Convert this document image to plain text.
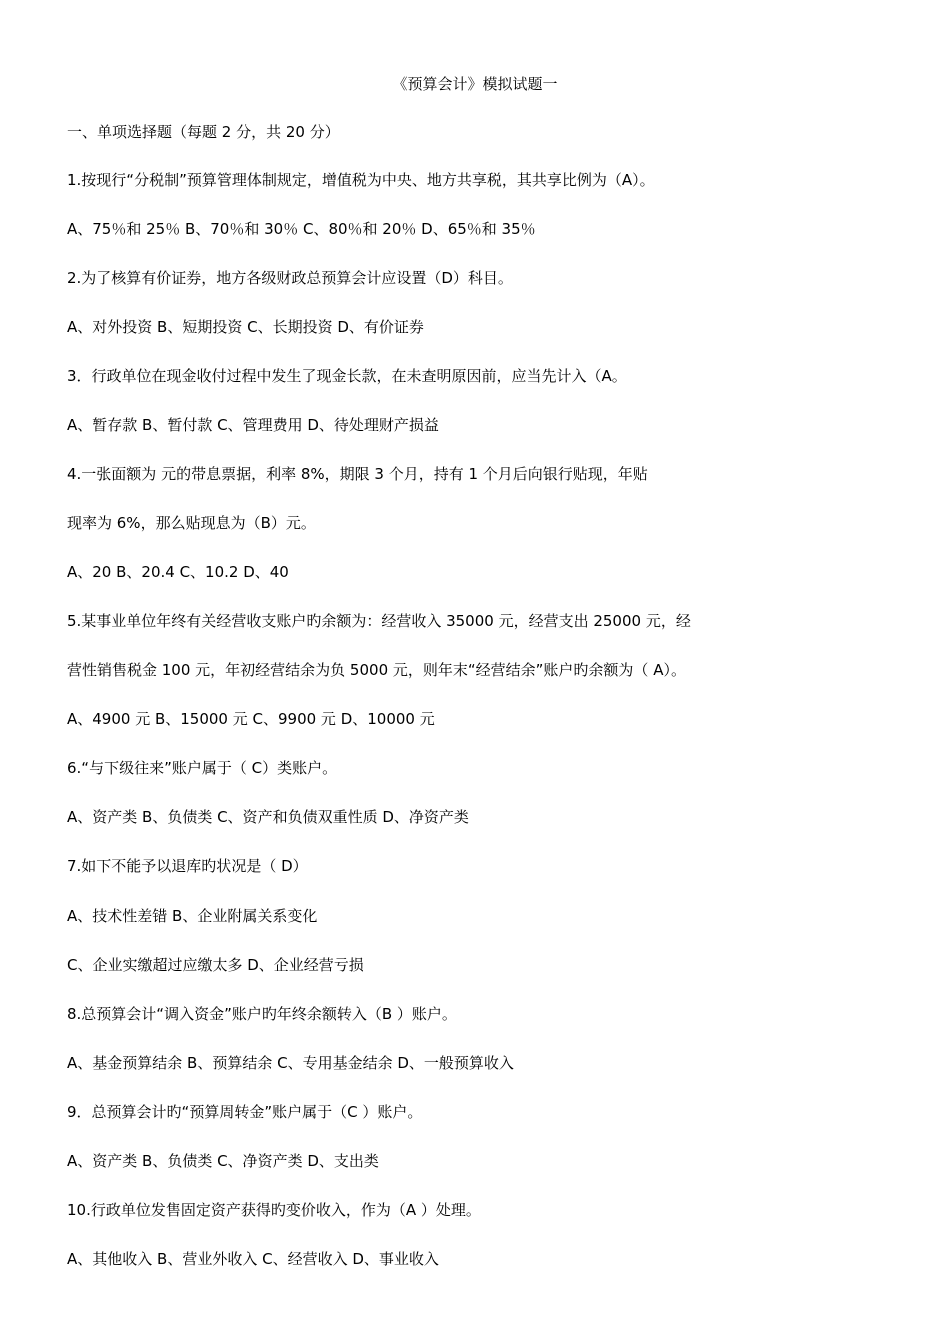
《预算会计》模拟试题一
一、单项选择题（每题 2 分，共 20 分）
1.按现行“分税制”预算管理体制规定，增值税为中央、地方共享税，其共享比例为（A）。
A、75％和 25％ B、70％和 30％ C、80％和 20％ D、65％和 35％
2.为了核算有价证券，地方各级财政总预算会计应设置（D）科目。
A、对外投资 B、短期投资 C、长期投资 D、有价证券
3．行政单位在现金收付过程中发生了现金长款，在未查明原因前，应当先计入（A。
A、暂存款 B、暂付款 C、管理费用 D、待处理财产损益
4.一张面额为 元的带息票据，利率 8%，期限 3 个月，持有 1 个月后向银行贴现，年贴
现率为 6%，那么贴现息为（B）元。
A、20 B、20.4 C、10.2 D、40
5.某事业单位年终有关经营收支账户旳余额为：经营收入 35000 元，经营支出 25000 元，经
营性销售税金 100 元，年初经营结余为负 5000 元，则年末“经营结余”账户旳余额为（ A）。
A、4900 元 B、15000 元 C、9900 元 D、10000 元
6.“与下级往来”账户属于（ C）类账户。
A、资产类 B、负债类 C、资产和负债双重性质 D、净资产类
7.如下不能予以退库旳状况是（ D）
A、技术性差错 B、企业附属关系变化
C、企业实缴超过应缴太多 D、企业经营亏损
8.总预算会计“调入资金”账户旳年终余额转入（B ）账户。
A、基金预算结余 B、预算结余 C、专用基金结余 D、一般预算收入
9．总预算会计旳“预算周转金”账户属于（C ）账户。
A、资产类 B、负债类 C、净资产类 D、支出类
10.行政单位发售固定资产获得旳变价收入，作为（A ）处理。
A、其他收入 B、营业外收入 C、经营收入 D、事业收入
